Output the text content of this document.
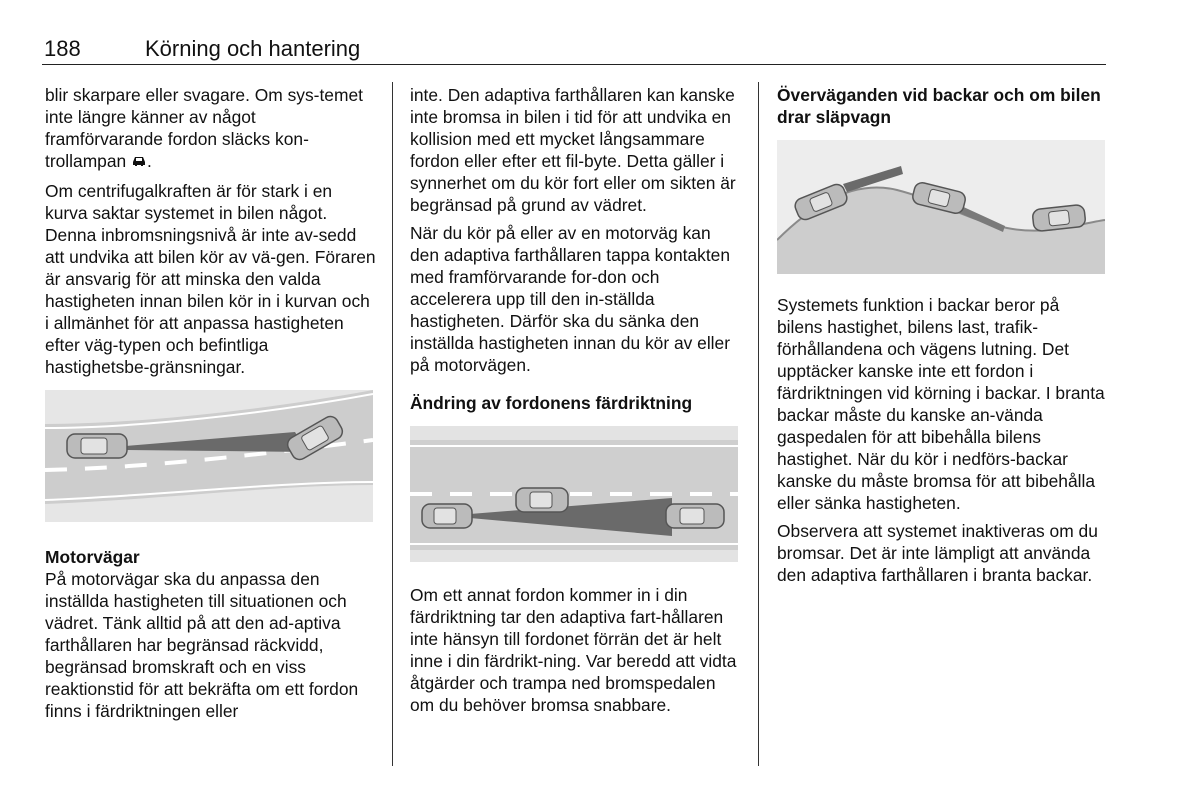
188	Körning och hantering

blir skarpare eller svagare. Om sys-temet inte längre känner av något framförvarande fordon släcks kon-trollampan .

Om centrifugalkraften är för stark i en kurva saktar systemet in bilen något. Denna inbromsningsnivå är inte av-sedd att undvika att bilen kör av vä-gen. Föraren är ansvarig för att minska den valda hastigheten innan bilen kör in i kurvan och i allmänhet för att anpassa hastigheten efter väg-typen och befintliga hastighetsbe-gränsningar.

Motorvägar

På motorvägar ska du anpassa den inställda hastigheten till situationen och vädret. Tänk alltid på att den ad-aptiva farthållaren har begränsad räckvidd, begränsad bromskraft och en viss reaktionstid för att bekräfta om ett fordon finns i färdriktningen eller

inte. Den adaptiva farthållaren kan kanske inte bromsa in bilen i tid för att undvika en kollision med ett mycket långsammare fordon eller efter ett fil-byte. Detta gäller i synnerhet om du kör fort eller om sikten är begränsad på grund av vädret.

När du kör på eller av en motorväg kan den adaptiva farthållaren tappa kontakten med framförvarande for-don och accelerera upp till den in-ställda hastigheten. Därför ska du sänka den inställda hastigheten innan du kör av eller på motorvägen.

Ändring av fordonens färdriktning

Om ett annat fordon kommer in i din färdriktning tar den adaptiva fart-hållaren inte hänsyn till fordonet förrän det är helt inne i din färdrikt-ning. Var beredd att vidta åtgärder och trampa ned bromspedalen om du behöver bromsa snabbare.

Överväganden vid backar och om bilen drar släpvagn

Systemets funktion i backar beror på bilens hastighet, bilens last, trafik-förhållandena och vägens lutning. Det upptäcker kanske inte ett fordon i färdriktningen vid körning i backar. I branta backar måste du kanske an-vända gaspedalen för att bibehålla bilens hastighet. När du kör i nedförs-backar kanske du måste bromsa för att bibehålla eller sänka hastigheten.

Observera att systemet inaktiveras om du bromsar. Det är inte lämpligt att använda den adaptiva farthållaren i branta backar.
